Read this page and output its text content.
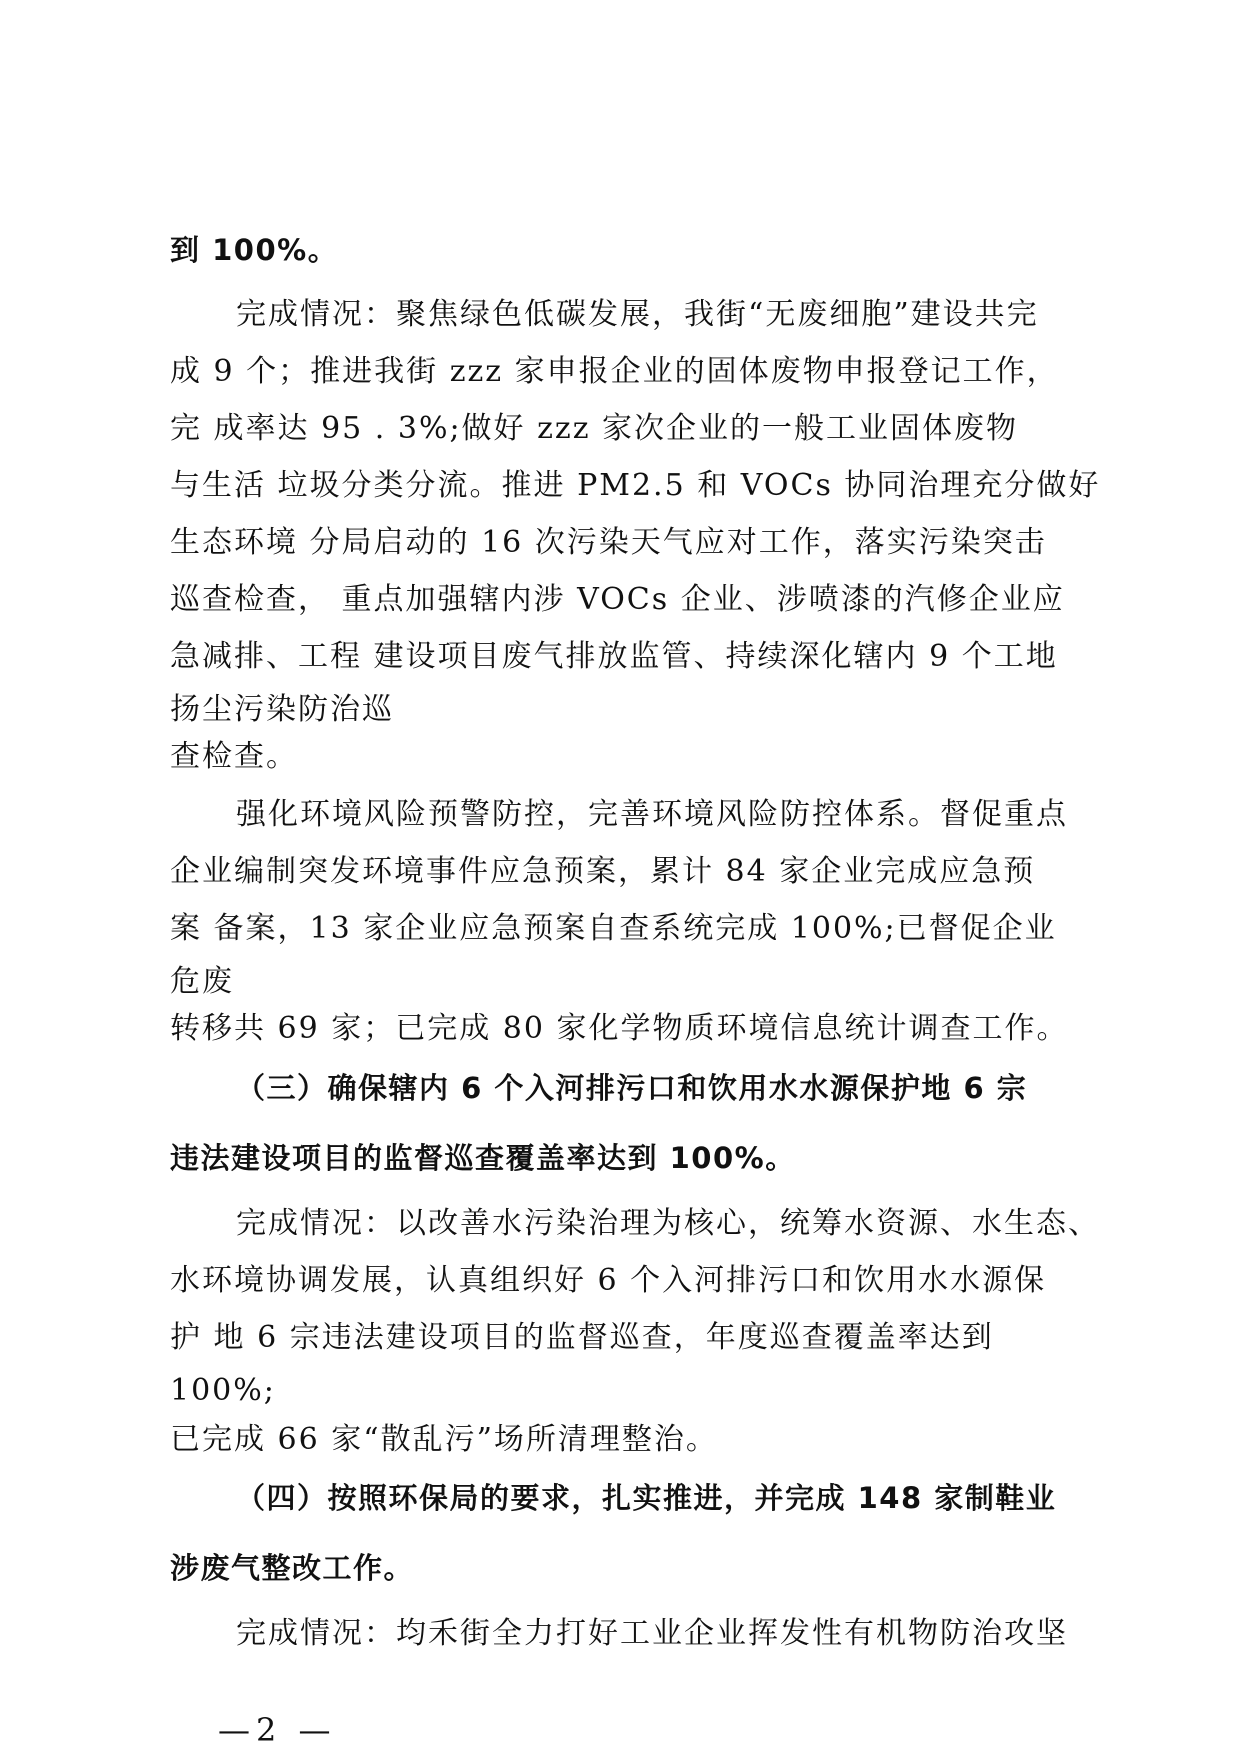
到 100%。
完成情况：聚焦绿色低碳发展，我街“无废细胞”建设共完
成 9 个；推进我街 zzz 家申报企业的固体废物申报登记工作，
完 成率达 95 . 3%;做好 zzz 家次企业的一般工业固体废物
与生活 垃圾分类分流。推进 PM2.5 和 VOCs 协同治理充分做好
生态环境 分局启动的 16 次污染天气应对工作，落实污染突击
巡查检查， 重点加强辖内涉 VOCs 企业、涉喷漆的汽修企业应
急减排、工程 建设项目废气排放监管、持续深化辖内 9 个工地
扬尘污染防治巡
查检查。
强化环境风险预警防控，完善环境风险防控体系。督促重点
企业编制突发环境事件应急预案，累计 84 家企业完成应急预
案 备案，13 家企业应急预案自查系统完成 100%;已督促企业
危废
转移共 69 家；已完成 80 家化学物质环境信息统计调查工作。
（三）确保辖内 6 个入河排污口和饮用水水源保护地 6 宗
违法建设项目的监督巡查覆盖率达到 100%。
完成情况：以改善水污染治理为核心，统筹水资源、水生态、
水环境协调发展，认真组织好 6 个入河排污口和饮用水水源保
护 地 6 宗违法建设项目的监督巡查，年度巡查覆盖率达到
100%;
已完成 66 家“散乱污”场所清理整治。
（四）按照环保局的要求，扎实推进，并完成 148 家制鞋业
涉废气整改工作。
完成情况：均禾街全力打好工业企业挥发性有机物防治攻坚
—2 —
